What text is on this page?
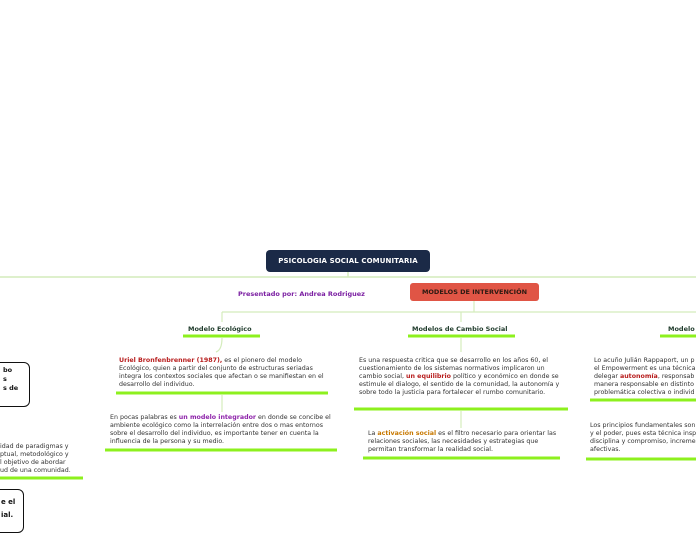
PSICOLOGIA SOCIAL COMUNITARIA
Presentado por: Andrea Rodriguez	MODELOS DE INTERVENCIÓN
Modelo Ecológico	Modelos de Cambio Social	Modelo
Uriel Bronfenbrenner (1987), es el pionero del modelo Ecológico, quien a partir del conjunto de estructuras seriadas integra los contextos sociales que afectan o se manifiestan en el desarrollo del individuo.
En pocas palabras es un modelo integrador en donde se concibe el ambiente ecológico como la interrelación entre dos o mas entornos sobre el desarrollo del individuo, es importante tener en cuenta la influencia de la persona y su medio.
Es una respuesta critica que se desarrollo en los años 60, el cuestionamiento de los sistemas normativos implicaron un cambio social, un equilibrio político y económico en donde se estimule el dialogo, el sentido de la comunidad, la autonomía y sobre todo la justicia para fortalecer el rumbo comunitario.
La activación social es el filtro necesario para orientar las relaciones sociales, las necesidades y estrategias que permitan transformar la realidad social.
Lo acuño Julián Rappaport, un p
el Empowerment es una técnica
delegar autonomía, responsab
manera responsable en distinto
problemática colectiva o individ
Los principios fundamentales son
y el poder, pues esta técnica insp
disciplina y compromiso, increme
afectivas.
bo
s
s de
idad de paradigmas y
ptual, metodológico y
l objetivo de abordar
ud de una comunidad.
e el
ial.
